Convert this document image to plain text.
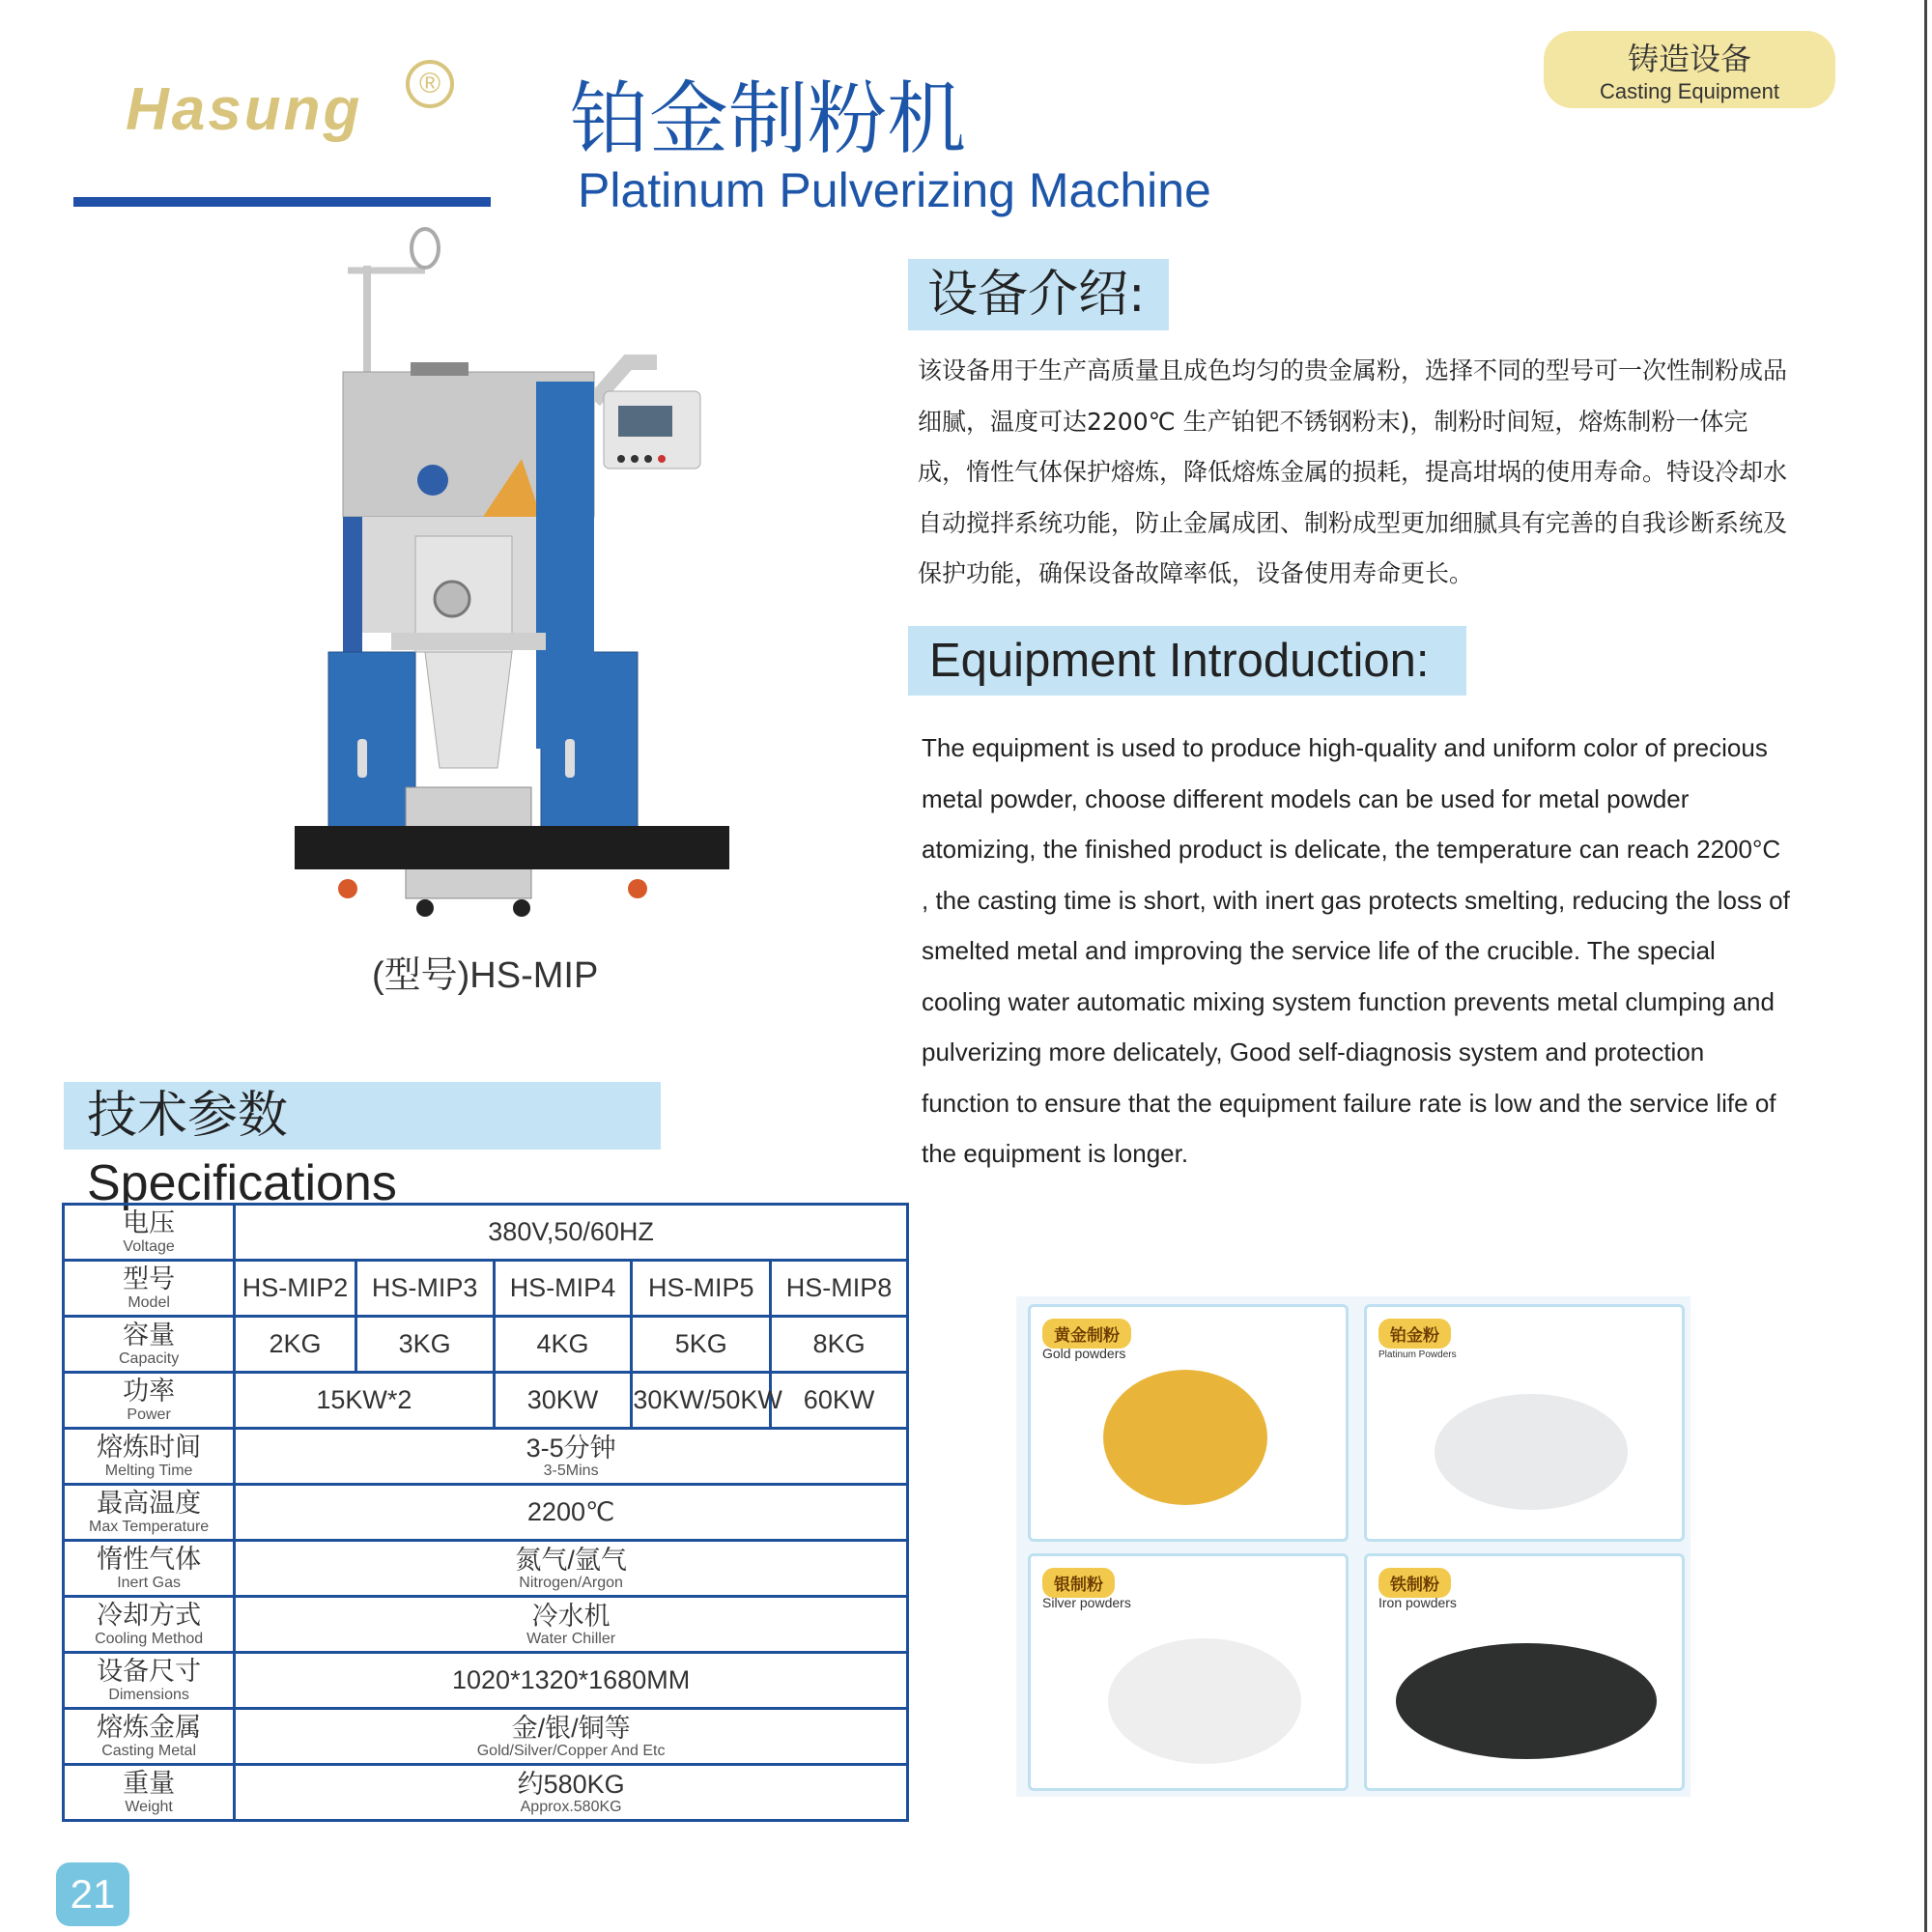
Hasung	® 铂金制粉机
Platinum Pulverizing Machine
铸造设备
Casting Equipment
(型号)HS-MIP
设备介绍:
该设备用于生产高质量且成色均匀的贵金属粉，选择不同的型号可一次性制粉成品细腻，温度可达2200℃ 生产铂钯不锈钢粉末)，制粉时间短，熔炼制粉一体完成，惰性气体保护熔炼，降低熔炼金属的损耗，提高坩埚的使用寿命。特设冷却水自动搅拌系统功能，防止金属成团、制粉成型更加细腻具有完善的自我诊断系统及保护功能，确保设备故障率低，设备使用寿命更长。
Equipment Introduction:
The equipment is used to produce high-quality and uniform color of precious metal powder, choose different models can be used for metal powder atomizing, the finished product is delicate, the temperature can reach 2200°C , the casting time is short, with inert gas protects smelting, reducing the loss of smelted metal and improving the service life of the crucible. The special cooling water automatic mixing system function prevents metal clumping and pulverizing more delicately, Good self-diagnosis system and protection function to ensure that the equipment failure rate is low and the service life of the equipment is longer.
技术参数Specifications
电压
Voltage	380V,50/60HZ				

型号
Model	HS-MIP2	HS-MIP3	HS-MIP4	HS-MIP5	HS-MIP8

容量
Capacity	2KG	3KG	4KG	5KG	8KG

功率
Power	15KW*2		30KW	30KW/50KW	60KW

熔炼时间
Melting Time	3-5分钟
3-5Mins				

最高温度
Max Temperature	2200℃				

惰性气体
Inert Gas	氮气/氩气
Nitrogen/Argon				

冷却方式
Cooling Method	冷水机
Water Chiller				

设备尺寸
Dimensions	1020*1320*1680MM				

熔炼金属
Casting Metal	金/银/铜等
Gold/Silver/Copper And Etc				

重量
Weight	约580KG
Approx.580KG				
黄金制粉
Gold powders
铂金粉
Platinum Powders
银制粉
Silver powders
铁制粉
Iron powders
21
